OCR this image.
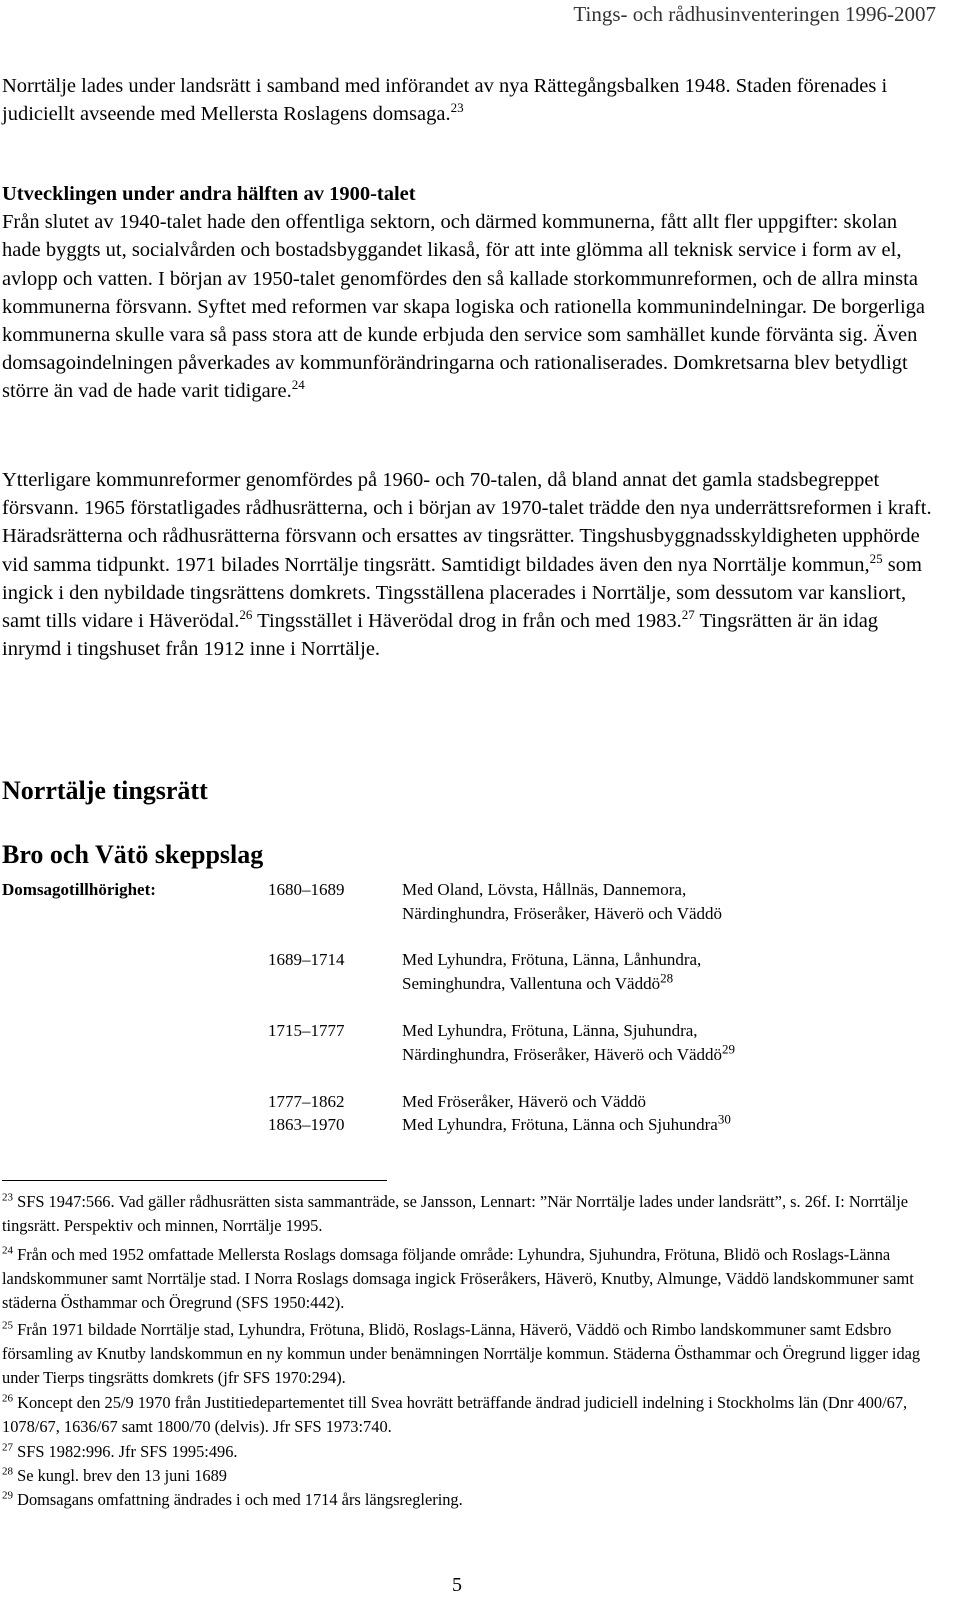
Tings- och rådhusinventeringen 1996-2007

Norrtälje lades under landsrätt i samband med införandet av nya Rättegångsbalken 1948. Staden förenades i judiciellt avseende med Mellersta Roslagens domsaga.$^{23}$

Utvecklingen under andra hälften av 1900-talet
Från slutet av 1940-talet hade den offentliga sektorn, och därmed kommunerna, fått allt fler uppgifter: skolan hade byggts ut, socialvården och bostadsbyggandet likaså, för att inte glömma all teknisk service i form av el, avlopp och vatten. I början av 1950-talet genomfördes den så kallade storkommunreformen, och de allra minsta kommunerna försvann. Syftet med reformen var skapa logiska och rationella kommunindelningar. De borgerliga kommunerna skulle vara så pass stora att de kunde erbjuda den service som samhället kunde förvänta sig. Även domsagoindelningen påverkades av kommunförändringarna och rationaliserades. Domkretsarna blev betydligt större än vad de hade varit tidigare.$^{24}$

Ytterligare kommunreformer genomfördes på 1960- och 70-talen, då bland annat det gamla stadsbegreppet försvann. 1965 förstatligades rådhusrätterna, och i början av 1970-talet trädde den nya underrättsreformen i kraft. Häradsrätterna och rådhusrätterna försvann och ersattes av tingsrätter. Tingshusbyggnadsskyldigheten upphörde vid samma tidpunkt. 1971 bilades Norrtälje tingsrätt. Samtidigt bildades även den nya Norrtälje kommun,$^{25}$ som ingick i den nybildade tingsrättens domkrets. Tingsställena placerades i Norrtälje, som dessutom var kansliort, samt tills vidare i Häverödal.$^{26}$ Tingsstället i Häverödal drog in från och med 1983.27 Tingsrätten är än idag inrymd i tingshuset från 1912 inne i Norrtälje.

Norrtälje tingsrätt
Bro och Vätö skeppslag
Domsagotillhörighet:	1680–1689	Med Oland, Lövsta, Hållnäs, Dannemora, Närdinghundra, Fröseråker, Häverö och Väddö
1689–1714	Med Lyhundra, Frötuna, Länna, Lånhundra, Seminghundra, Vallentuna och Väddö$^{28}$
1715–1777	Med Lyhundra, Frötuna, Länna, Sjuhundra, Närdinghundra, Fröseråker, Häverö och Väddö$^{29}$
1777–1862	Med Fröseråker, Häverö och Väddö
1863–1970	Med Lyhundra, Frötuna, Länna och Sjuhundra$^{30}$

$^{23}$ SFS 1947:566. Vad gäller rådhusrätten sista sammanträde, se Jansson, Lennart: ”När Norrtälje lades under landsrätt”, s. 26f. I: Norrtälje tingsrätt. Perspektiv och minnen, Norrtälje 1995.

$^{24}$ Från och med 1952 omfattade Mellersta Roslags domsaga följande område: Lyhundra, Sjuhundra, Frötuna, Blidö och Roslags-Länna landskommuner samt Norrtälje stad. I Norra Roslags domsaga ingick Fröseråkers, Häverö, Knutby, Almunge, Väddö landskommuner samt städerna Östhammar och Öregrund (SFS 1950:442).

$^{25}$ Från 1971 bildade Norrtälje stad, Lyhundra, Frötuna, Blidö, Roslags-Länna, Häverö, Väddö och Rimbo landskommuner samt Edsbro församling av Knutby landskommun en ny kommun under benämningen Norrtälje kommun. Städerna Östhammar och Öregrund ligger idag under Tierps tingsrätts domkrets (jfr SFS 1970:294).

$^{26}$ Koncept den 25/9 1970 från Justitiedepartementet till Svea hovrätt beträffande ändrad judiciell indelning i Stockholms län (Dnr 400/67, 1078/67, 1636/67 samt 1800/70 (delvis). Jfr SFS 1973:740.

$^{27}$ SFS 1982:996. Jfr SFS 1995:496.

$^{28}$ Se kungl. brev den 13 juni 1689

$^{29}$ Domsagans omfattning ändrades i och med 1714 års längsreglering.

5
